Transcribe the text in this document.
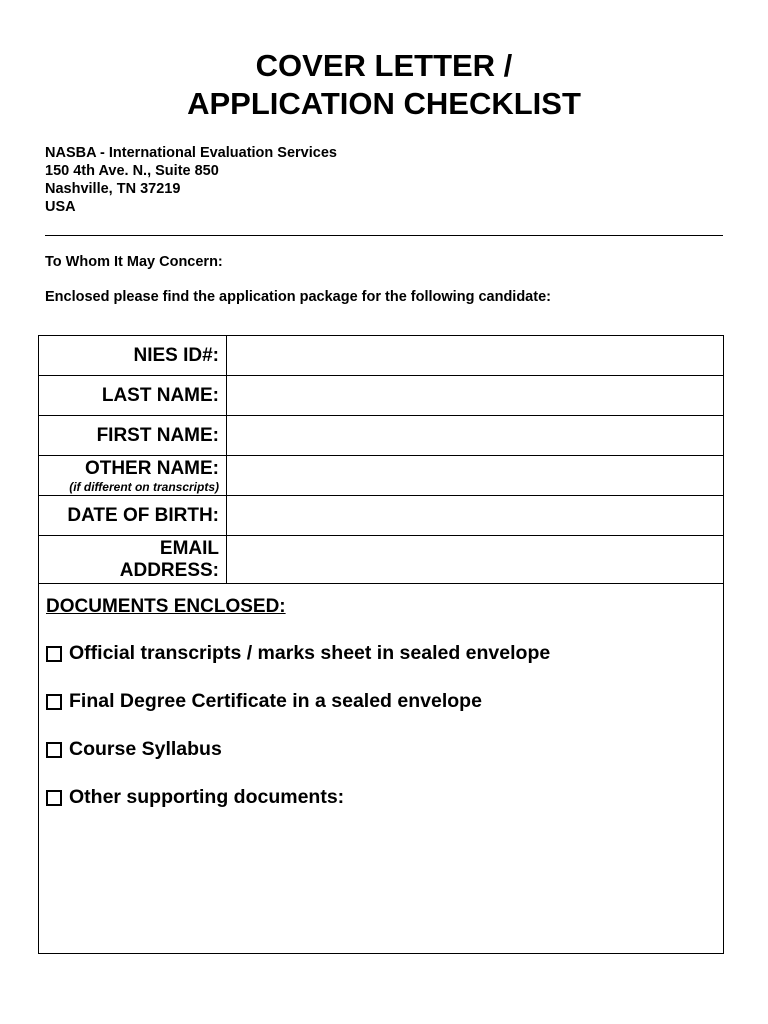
COVER LETTER /
APPLICATION CHECKLIST
NASBA - International Evaluation Services
150 4th Ave. N., Suite 850
Nashville, TN 37219
USA
To Whom It May Concern:
Enclosed please find the application package for the following candidate:
NIES ID#:	
LAST NAME:	
FIRST NAME:	
OTHER NAME:
(if different on transcripts)	

DATE OF BIRTH:	

EMAIL
ADDRESS:	

DOCUMENTS ENCLOSED:
Official transcripts / marks sheet in sealed envelope
Final Degree Certificate in a sealed envelope
Course Syllabus
Other supporting documents:	
